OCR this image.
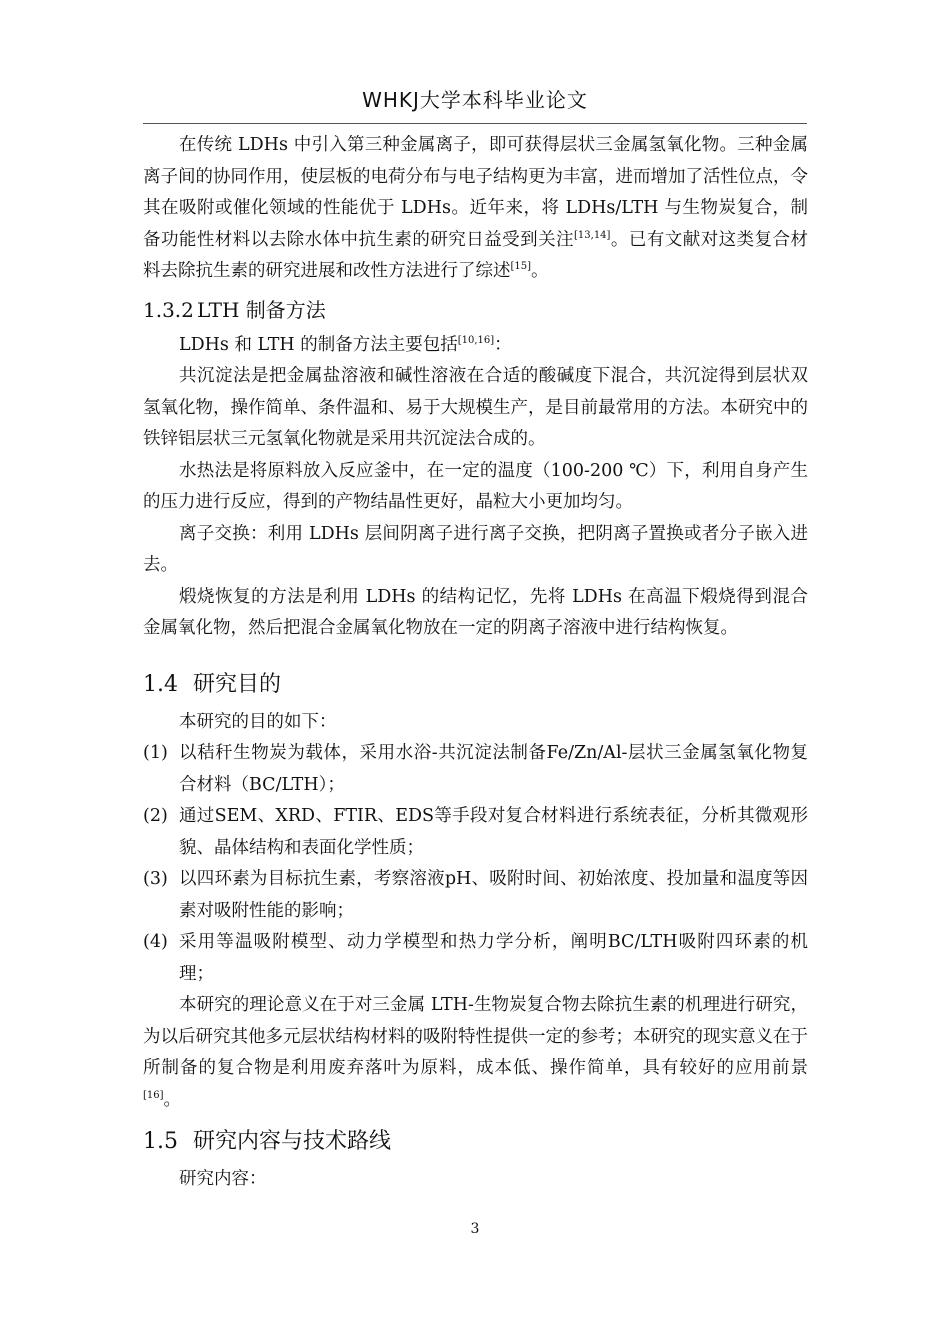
WHKJ大学本科毕业论文

在传统 LDHs 中引入第三种金属离子，即可获得层状三金属氢氧化物。三种金属离子间的协同作用，使层板的电荷分布与电子结构更为丰富，进而增加了活性位点，令其在吸附或催化领域的性能优于 LDHs。近年来，将 LDHs/LTH 与生物炭复合，制备功能性材料以去除水体中抗生素的研究日益受到关注[13,14]。已有文献对这类复合材料去除抗生素的研究进展和改性方法进行了综述[15]。

1.3.2 LTH 制备方法

LDHs 和 LTH 的制备方法主要包括[10,16]：

共沉淀法是把金属盐溶液和碱性溶液在合适的酸碱度下混合，共沉淀得到层状双氢氧化物，操作简单、条件温和、易于大规模生产，是目前最常用的方法。本研究中的铁锌铝层状三元氢氧化物就是采用共沉淀法合成的。

水热法是将原料放入反应釜中，在一定的温度（100-200 ℃）下，利用自身产生的压力进行反应，得到的产物结晶性更好，晶粒大小更加均匀。

离子交换：利用 LDHs 层间阴离子进行离子交换，把阴离子置换或者分子嵌入进去。

煅烧恢复的方法是利用 LDHs 的结构记忆，先将 LDHs 在高温下煅烧得到混合金属氧化物，然后把混合金属氧化物放在一定的阴离子溶液中进行结构恢复。

1.4 研究目的

本研究的目的如下：

(1) 以秸秆生物炭为载体，采用水浴-共沉淀法制备Fe/Zn/Al-层状三金属氢氧化物复合材料（BC/LTH）；
(2) 通过SEM、XRD、FTIR、EDS等手段对复合材料进行系统表征，分析其微观形貌、晶体结构和表面化学性质；
(3) 以四环素为目标抗生素，考察溶液pH、吸附时间、初始浓度、投加量和温度等因素对吸附性能的影响；
(4) 采用等温吸附模型、动力学模型和热力学分析，阐明BC/LTH吸附四环素的机理；

本研究的理论意义在于对三金属 LTH-生物炭复合物去除抗生素的机理进行研究，为以后研究其他多元层状结构材料的吸附特性提供一定的参考；本研究的现实意义在于所制备的复合物是利用废弃落叶为原料，成本低、操作简单，具有较好的应用前景[16]。

1.5 研究内容与技术路线

研究内容：

3
